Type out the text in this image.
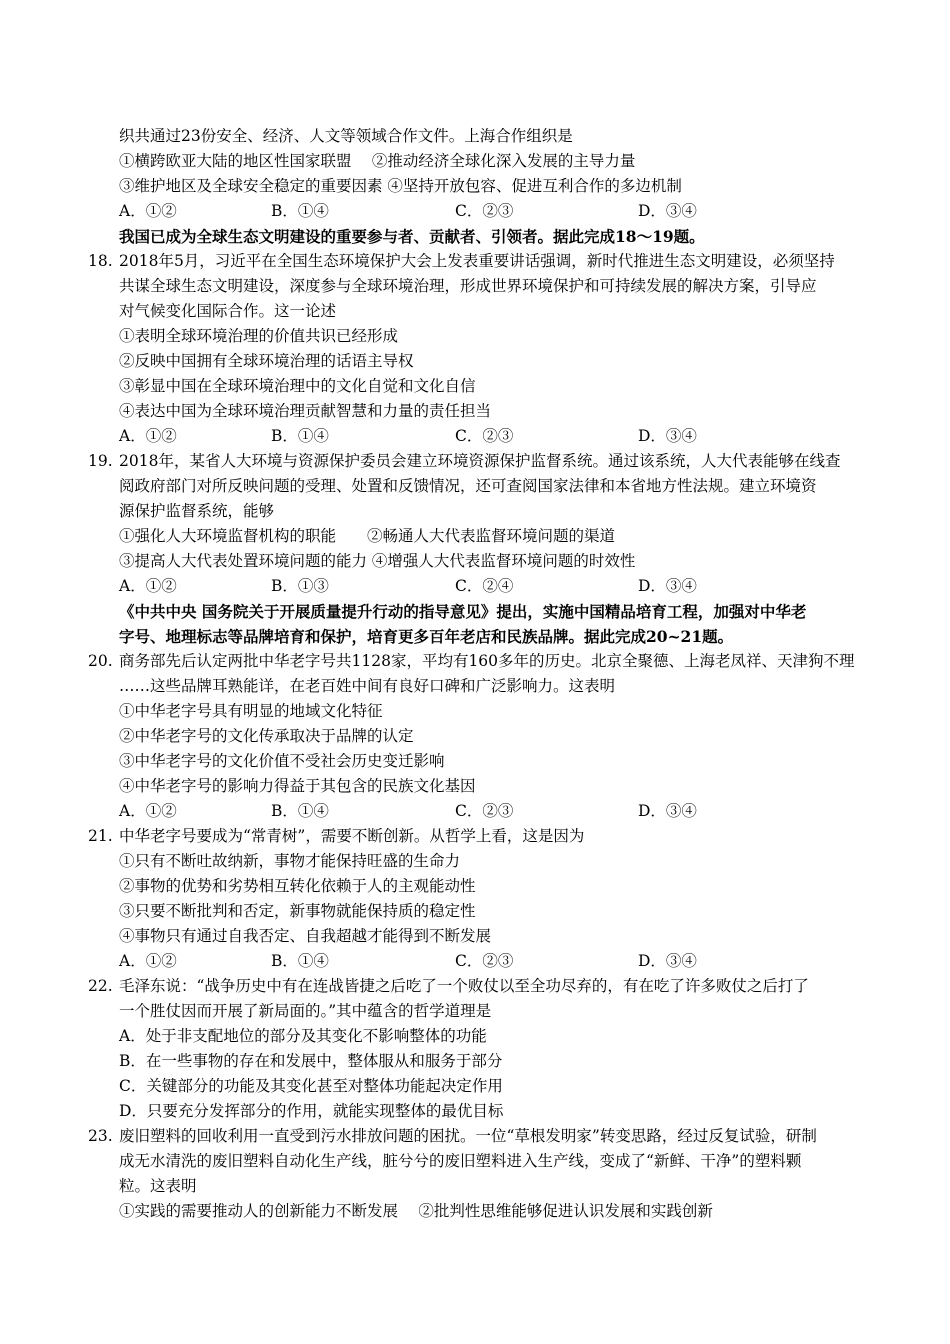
织共通过23份安全、经济、人文等领域合作文件。上海合作组织是
①横跨欧亚大陆的地区性国家联盟　 ②推动经济全球化深入发展的主导力量
③维护地区及全球安全稳定的重要因素 ④坚持开放包容、促进互利合作的多边机制
A．①②	B．①④	C．②③	D．③④
我国已成为全球生态文明建设的重要参与者、贡献者、引领者。据此完成18～19题。
18. 2018年5月，习近平在全国生态环境保护大会上发表重要讲话强调，新时代推进生态文明建设，必须坚持
共谋全球生态文明建设，深度参与全球环境治理，形成世界环境保护和可持续发展的解决方案，引导应
对气候变化国际合作。这一论述
①表明全球环境治理的价值共识已经形成
②反映中国拥有全球环境治理的话语主导权
③彰显中国在全球环境治理中的文化自觉和文化自信
④表达中国为全球环境治理贡献智慧和力量的责任担当
A．①②	B．①④	C．②③	D．③④
19. 2018年，某省人大环境与资源保护委员会建立环境资源保护监督系统。通过该系统，人大代表能够在线查
阅政府部门对所反映问题的受理、处置和反馈情况，还可查阅国家法律和本省地方性法规。建立环境资
源保护监督系统，能够
①强化人大环境监督机构的职能　　②畅通人大代表监督环境问题的渠道
③提高人大代表处置环境问题的能力 ④增强人大代表监督环境问题的时效性
A．①②	B．①③	C．②④	D．③④
《中共中央 国务院关于开展质量提升行动的指导意见》提出，实施中国精品培育工程，加强对中华老
字号、地理标志等品牌培育和保护，培育更多百年老店和民族品牌。据此完成20~21题。
20. 商务部先后认定两批中华老字号共1128家，平均有160多年的历史。北京全聚德、上海老凤祥、天津狗不理
……这些品牌耳熟能详，在老百姓中间有良好口碑和广泛影响力。这表明
①中华老字号具有明显的地域文化特征
②中华老字号的文化传承取决于品牌的认定
③中华老字号的文化价值不受社会历史变迁影响
④中华老字号的影响力得益于其包含的民族文化基因
A．①②	B．①④	C．②③	D．③④
21. 中华老字号要成为“常青树”，需要不断创新。从哲学上看，这是因为
①只有不断吐故纳新，事物才能保持旺盛的生命力
②事物的优势和劣势相互转化依赖于人的主观能动性
③只要不断批判和否定，新事物就能保持质的稳定性
④事物只有通过自我否定、自我超越才能得到不断发展
A．①②	B．①④	C．②③	D．③④
22. 毛泽东说：“战争历史中有在连战皆捷之后吃了一个败仗以至全功尽弃的，有在吃了许多败仗之后打了
一个胜仗因而开展了新局面的。”其中蕴含的哲学道理是
A．处于非支配地位的部分及其变化不影响整体的功能
B．在一些事物的存在和发展中，整体服从和服务于部分
C．关键部分的功能及其变化甚至对整体功能起决定作用
D．只要充分发挥部分的作用，就能实现整体的最优目标
23. 废旧塑料的回收利用一直受到污水排放问题的困扰。一位“草根发明家”转变思路，经过反复试验，研制
成无水清洗的废旧塑料自动化生产线，脏兮兮的废旧塑料进入生产线，变成了“新鲜、干净”的塑料颗
粒。这表明
①实践的需要推动人的创新能力不断发展　 ②批判性思维能够促进认识发展和实践创新
